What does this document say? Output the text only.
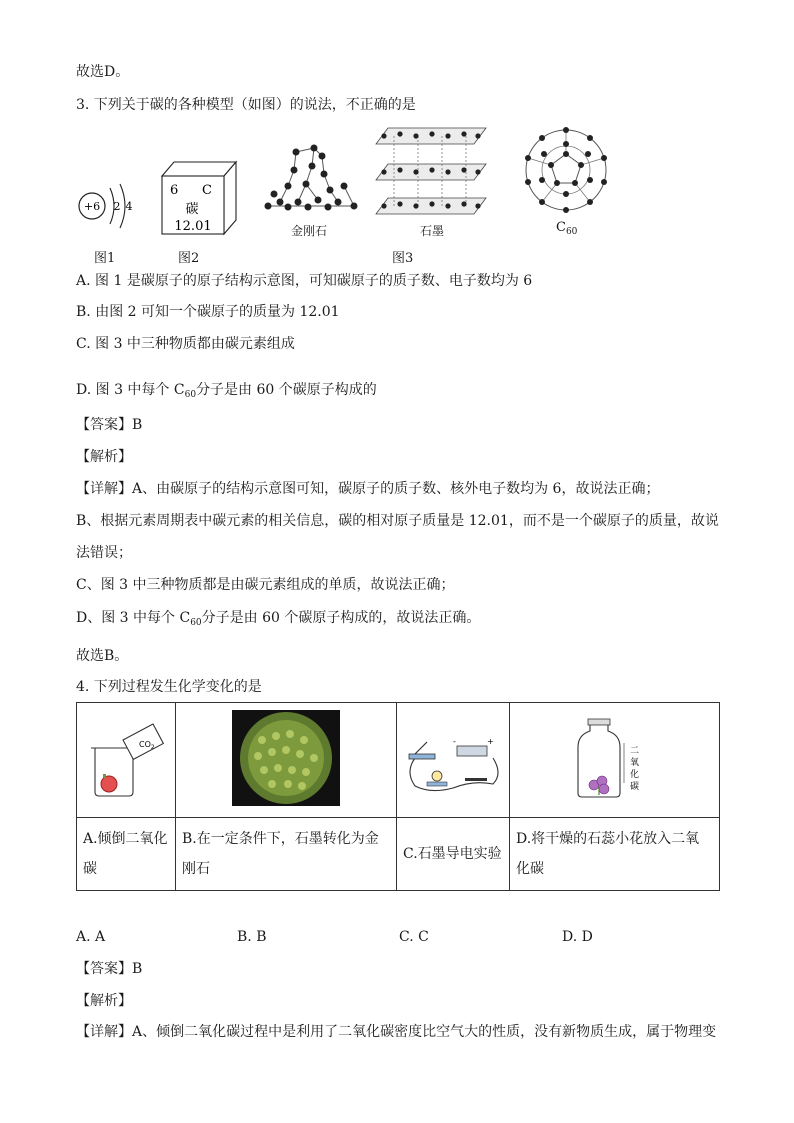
故选D。
3. 下列关于碳的各种模型（如图）的说法，不正确的是
+6 2 4
图1
6 C
碳
12.01
图2
金刚石	石墨
图3
$C_{60}$
A. 图 1 是碳原子的原子结构示意图，可知碳原子的质子数、电子数均为 6
B. 由图 2 可知一个碳原子的质量为 12.01
C. 图 3 中三种物质都由碳元素组成
D. 图 3 中每个 $C_{60}$分子是由 60 个碳原子构成的
【答案】B
【解析】
【详解】A、由碳原子的结构示意图可知，碳原子的质子数、核外电子数均为 6，故说法正确；
B、根据元素周期表中碳元素的相关信息，碳的相对原子质量是 12.01，而不是一个碳原子的质量，故说
法错误；
C、图 3 中三种物质都是由碳元素组成的单质，故说法正确；
D、图 3 中每个 $C_{60}$分子是由 60 个碳原子构成的，故说法正确。
故选B。
4. 下列过程发生化学变化的是
$CO_2$		- +	二
氧
化
碳

A.倾倒二氧化碳	B.在一定条件下，石墨转化为金刚石	C.石墨导电实验	D.将干燥的石蕊小花放入二氧化碳
A. A	B. B	C. C	D. D
【答案】B
【解析】
【详解】A、倾倒二氧化碳过程中是利用了二氧化碳密度比空气大的性质，没有新物质生成，属于物理变
